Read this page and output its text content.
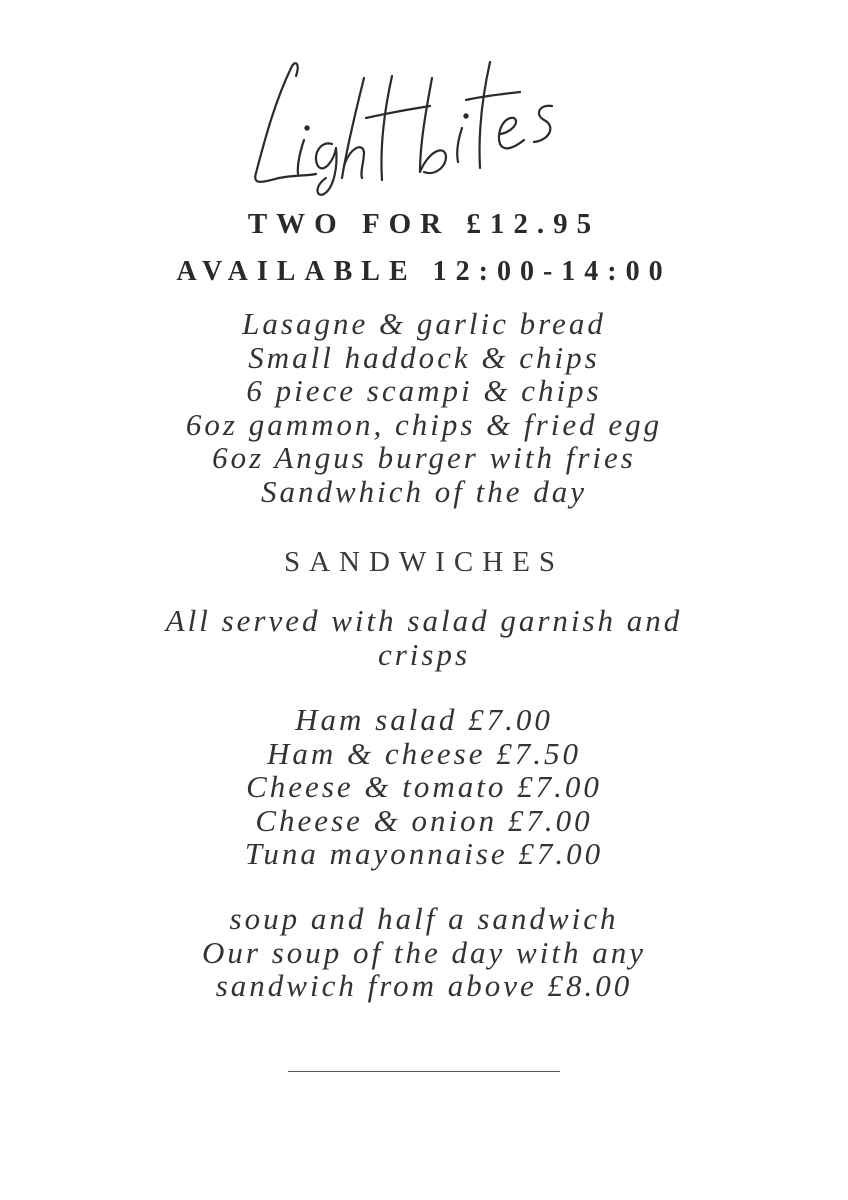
TWO FOR £12.95
AVAILABLE 12:00-14:00
Lasagne & garlic bread
Small haddock & chips
6 piece scampi & chips
6oz gammon, chips & fried egg
6oz Angus burger with fries
Sandwhich of the day
SANDWICHES
All served with salad garnish and crisps
Ham salad £7.00
Ham & cheese £7.50
Cheese & tomato £7.00
Cheese & onion £7.00
Tuna mayonnaise £7.00
soup and half a sandwich
Our soup of the day with any
sandwich from above £8.00
